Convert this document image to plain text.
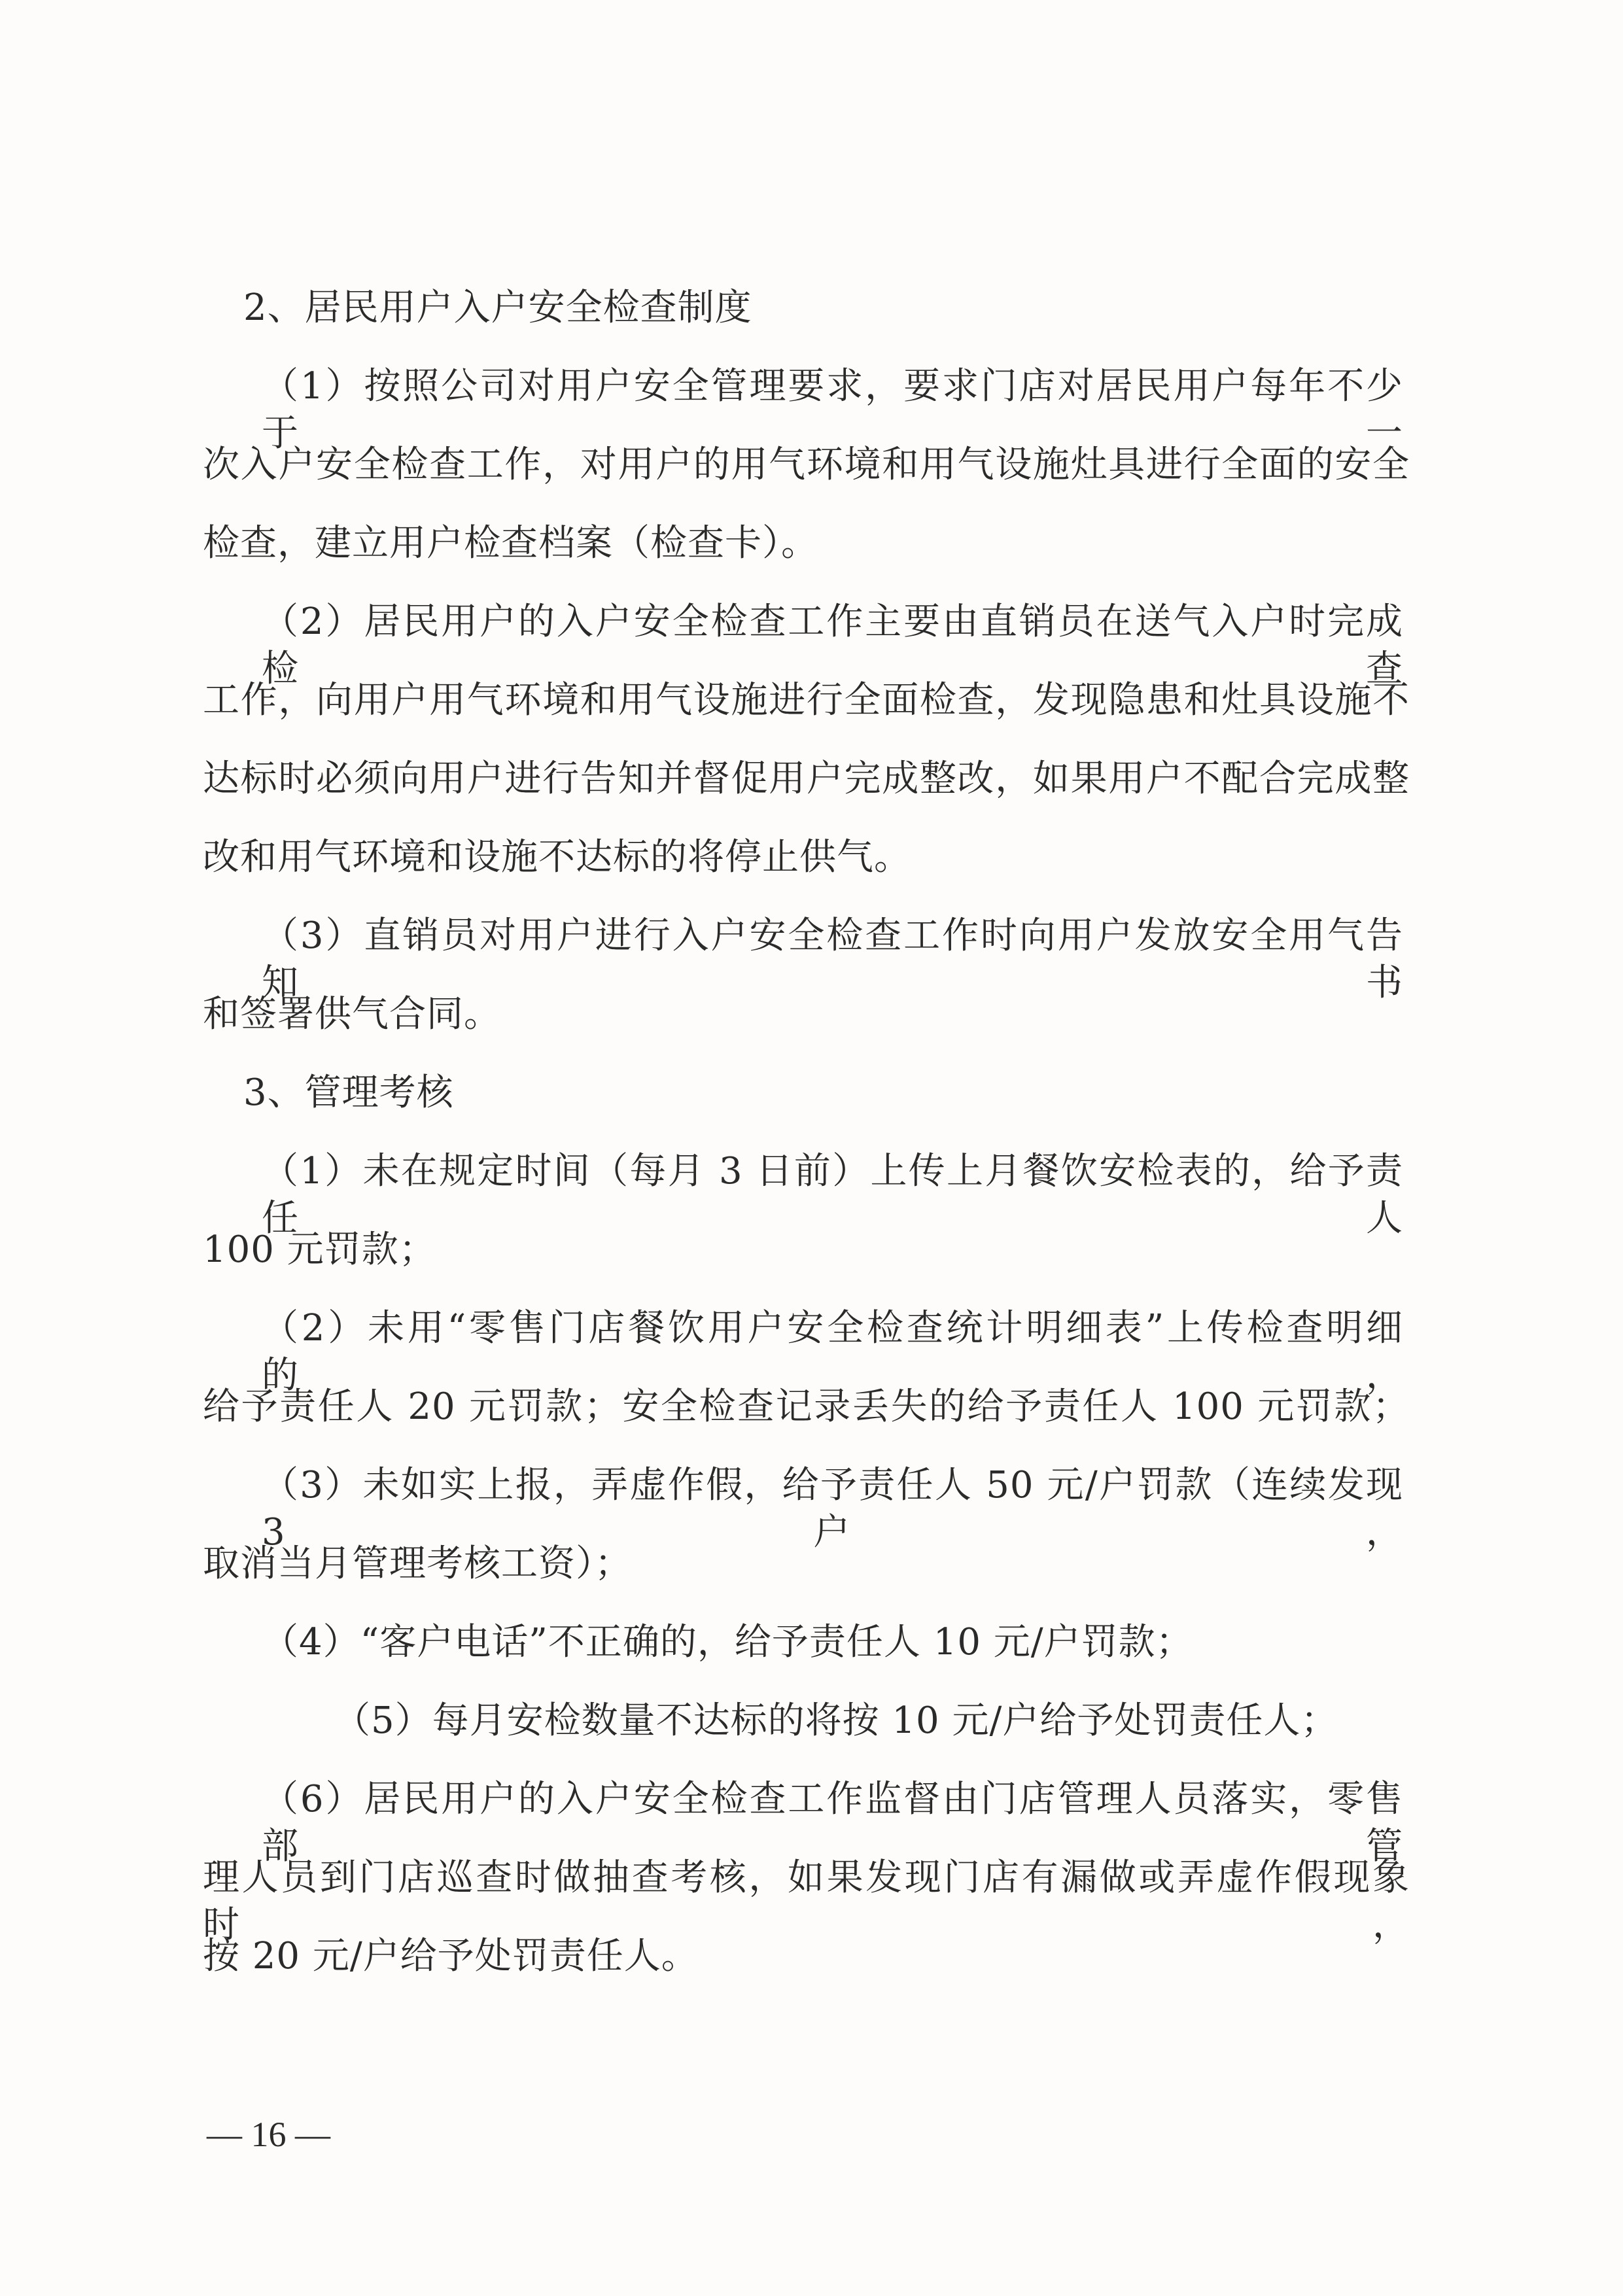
2、居民用户入户安全检查制度
（1）按照公司对用户安全管理要求，要求门店对居民用户每年不少于一
次入户安全检查工作，对用户的用气环境和用气设施灶具进行全面的安全
检查，建立用户检查档案（检查卡）。
（2）居民用户的入户安全检查工作主要由直销员在送气入户时完成检查
工作，向用户用气环境和用气设施进行全面检查，发现隐患和灶具设施不
达标时必须向用户进行告知并督促用户完成整改，如果用户不配合完成整
改和用气环境和设施不达标的将停止供气。
（3）直销员对用户进行入户安全检查工作时向用户发放安全用气告知书
和签署供气合同。
3、管理考核
（1）未在规定时间（每月 3 日前）上传上月餐饮安检表的，给予责任人
100 元罚款；
（2）未用“零售门店餐饮用户安全检查统计明细表”上传检查明细的，
给予责任人 20 元罚款；安全检查记录丢失的给予责任人 100 元罚款；
（3）未如实上报，弄虚作假，给予责任人 50 元/户罚款（连续发现 3 户，
取消当月管理考核工资）；
（4）“客户电话”不正确的，给予责任人 10 元/户罚款；
（5）每月安检数量不达标的将按 10 元/户给予处罚责任人；
（6）居民用户的入户安全检查工作监督由门店管理人员落实，零售部管
理人员到门店巡查时做抽查考核，如果发现门店有漏做或弄虚作假现象时，
按 20 元/户给予处罚责任人。
— 16 —
